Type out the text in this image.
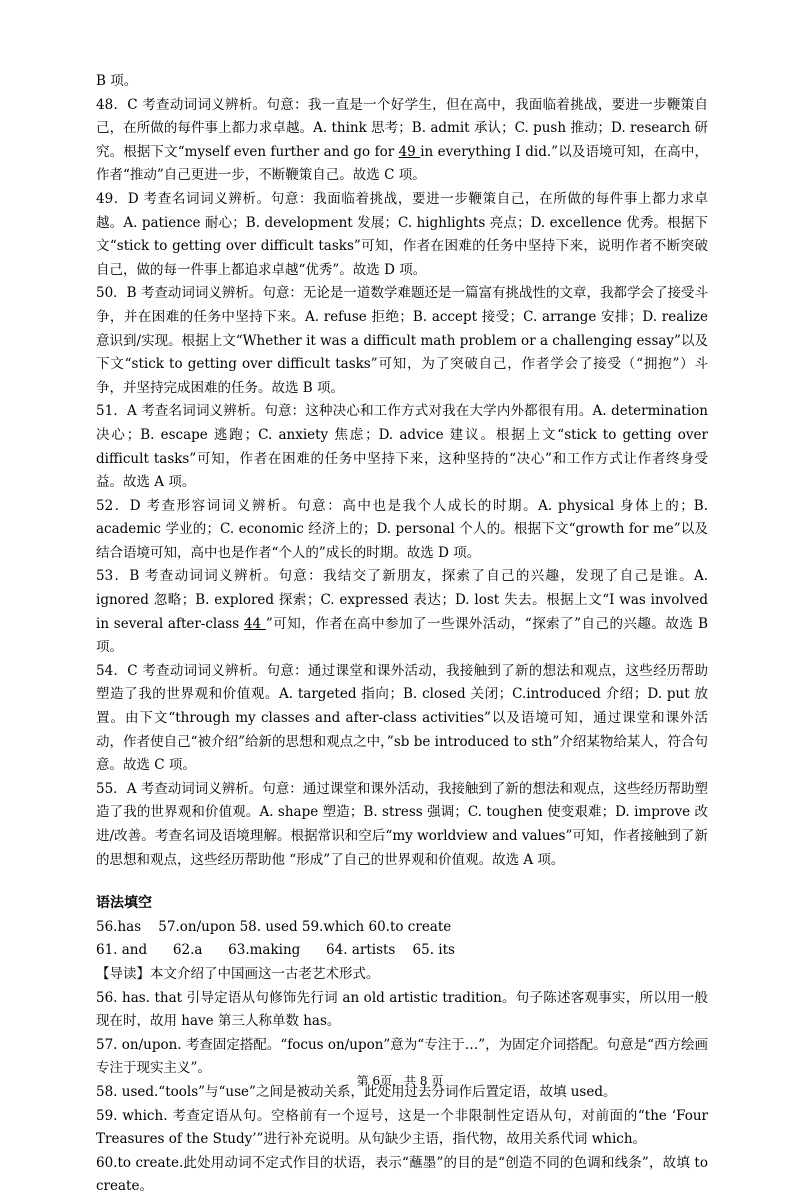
B 项。
48．C 考查动词词义辨析。句意：我一直是一个好学生，但在高中，我面临着挑战，要进一步鞭策自己，在所做的每件事上都力求卓越。A. think 思考；B. admit 承认；C. push 推动；D. research 研究。根据下文“myself even further and go for 49 in everything I did.”以及语境可知，在高中，作者“推动”自己更进一步，不断鞭策自己。故选 C 项。
49．D 考查名词词义辨析。句意：我面临着挑战，要进一步鞭策自己，在所做的每件事上都力求卓越。A. patience 耐心；B. development 发展；C. highlights 亮点；D. excellence 优秀。根据下文“stick to getting over difficult tasks”可知，作者在困难的任务中坚持下来，说明作者不断突破自己，做的每一件事上都追求卓越“优秀”。故选 D 项。
50．B 考查动词词义辨析。句意：无论是一道数学难题还是一篇富有挑战性的文章，我都学会了接受斗争，并在困难的任务中坚持下来。A. refuse 拒绝；B. accept 接受；C. arrange 安排；D. realize 意识到/实现。根据上文“Whether it was a difficult math problem or a challenging essay”以及下文“stick to getting over difficult tasks”可知，为了突破自己，作者学会了接受（“拥抱”）斗争，并坚持完成困难的任务。故选 B 项。
51．A 考查名词词义辨析。句意：这种决心和工作方式对我在大学内外都很有用。A. determination 决心；B. escape 逃跑；C. anxiety 焦虑；D. advice 建议。根据上文“stick to getting over difficult tasks”可知，作者在困难的任务中坚持下来，这种坚持的“决心”和工作方式让作者终身受益。故选 A 项。
52．D 考查形容词词义辨析。句意：高中也是我个人成长的时期。A. physical 身体上的；B. academic 学业的；C. economic 经济上的；D. personal 个人的。根据下文“growth for me”以及结合语境可知，高中也是作者“个人的”成长的时期。故选 D 项。
53．B 考查动词词义辨析。句意：我结交了新朋友，探索了自己的兴趣，发现了自己是谁。A. ignored 忽略；B. explored 探索；C. expressed 表达；D. lost 失去。根据上文“I was involved in several after-class 44 ”可知，作者在高中参加了一些课外活动，“探索了”自己的兴趣。故选 B 项。
54．C 考查动词词义辨析。句意：通过课堂和课外活动，我接触到了新的想法和观点，这些经历帮助塑造了我的世界观和价值观。A. targeted 指向；B. closed 关闭；C.introduced 介绍；D. put 放置。由下文“through my classes and after-class activities”以及语境可知，通过课堂和课外活动，作者使自己“被介绍”给新的思想和观点之中，”sb be introduced to sth”介绍某物给某人，符合句意。故选 C 项。
55．A 考查动词词义辨析。句意：通过课堂和课外活动，我接触到了新的想法和观点，这些经历帮助塑造了我的世界观和价值观。A. shape 塑造；B. stress 强调；C. toughen 使变艰难；D. improve 改进/改善。考查名词及语境理解。根据常识和空后“my worldview and values”可知，作者接触到了新的思想和观点，这些经历帮助他 “形成”了自己的世界观和价值观。故选 A 项。
语法填空
56.has    57.on/upon 58. used 59.which 60.to create
61. and      62.a      63.making      64. artists    65. its
【导读】本文介绍了中国画这一古老艺术形式。
56. has. that 引导定语从句修饰先行词 an old artistic tradition。句子陈述客观事实，所以用一般现在时，故用 have 第三人称单数 has。
57. on/upon. 考查固定搭配。“focus on/upon”意为“专注于…”，为固定介词搭配。句意是“西方绘画专注于现实主义”。
58. used.“tools”与“use”之间是被动关系，此处用过去分词作后置定语，故填 used。
59. which. 考查定语从句。空格前有一个逗号，这是一个非限制性定语从句，对前面的“the ‘Four Treasures of the Study’”进行补充说明。从句缺少主语，指代物，故用关系代词 which。
60.to create.此处用动词不定式作目的状语，表示“蘸墨”的目的是“创造不同的色调和线条”，故填 to create。
第 6页，共 8 页
